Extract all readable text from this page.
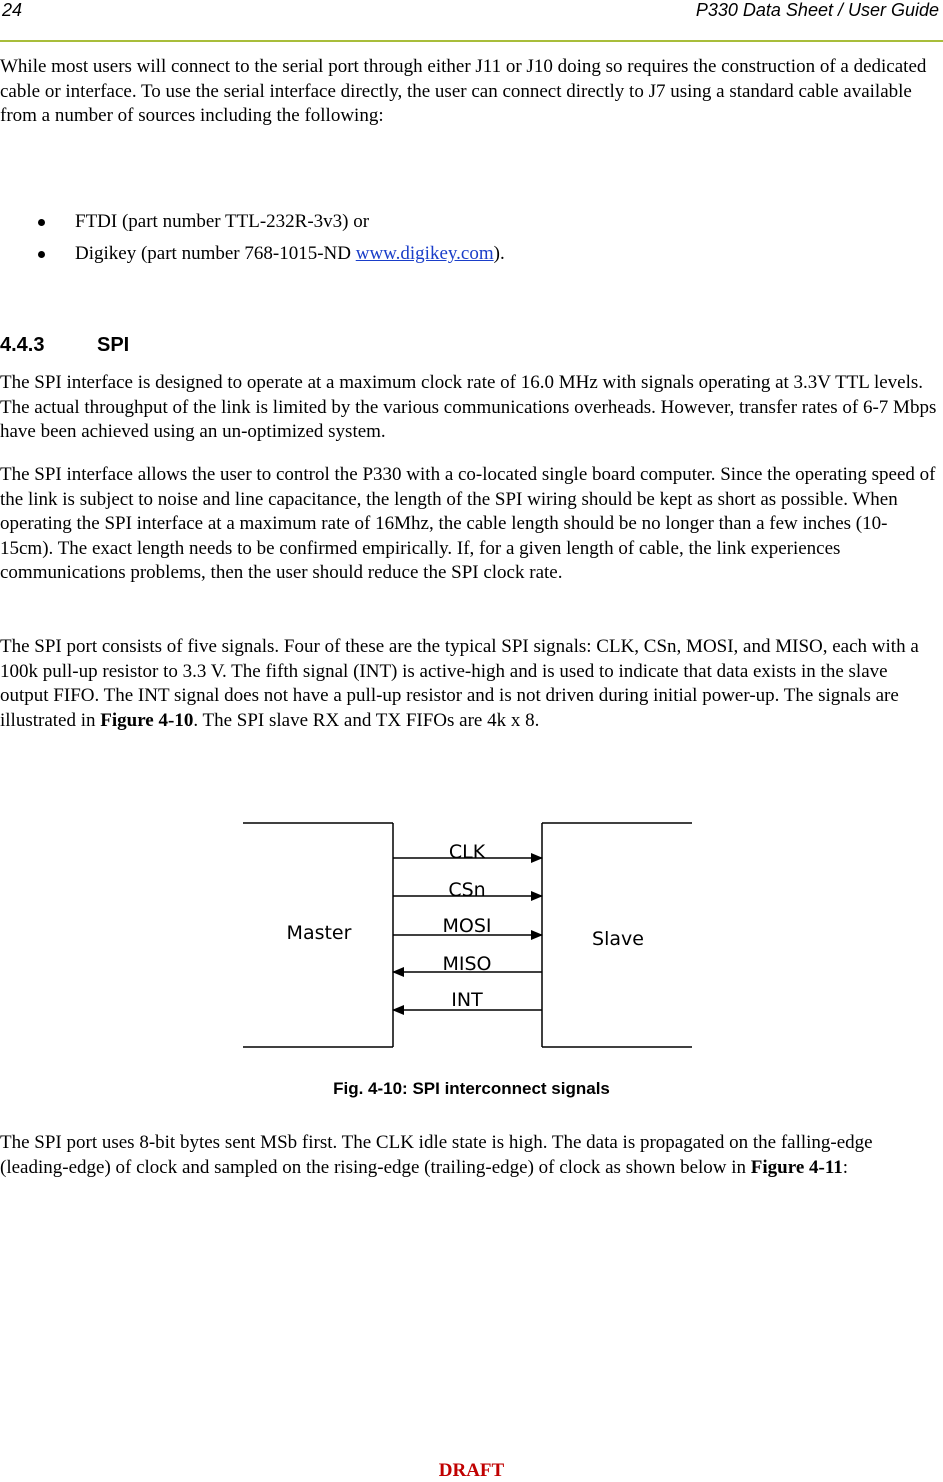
24	P330 Data Sheet / User Guide

While most users will connect to the serial port through either J11 or J10 doing so requires the construction of a dedicated cable or interface. To use the serial interface directly, the user can connect directly to J7 using a standard cable available from a number of sources including the following:

FTDI (part number TTL-232R-3v3) or
Digikey (part number 768-1015-ND www.digikey.com).
4.4.3	SPI

The SPI interface is designed to operate at a maximum clock rate of 16.0 MHz with signals operating at 3.3V TTL levels. The actual throughput of the link is limited by the various communications overheads. However, transfer rates of 6-7 Mbps have been achieved using an un-optimized system.

The SPI interface allows the user to control the P330 with a co-located single board computer. Since the operating speed of the link is subject to noise and line capacitance, the length of the SPI wiring should be kept as short as possible. When operating the SPI interface at a maximum rate of 16Mhz, the cable length should be no longer than a few inches (10-15cm). The exact length needs to be confirmed empirically. If, for a given length of cable, the link experiences communications problems, then the user should reduce the SPI clock rate.

The SPI port consists of five signals. Four of these are the typical SPI signals: CLK, CSn, MOSI, and MISO, each with a 100k pull-up resistor to 3.3 V. The fifth signal (INT) is active-high and is used to indicate that data exists in the slave output FIFO. The INT signal does not have a pull-up resistor and is not driven during initial power-up. The signals are illustrated in Figure 4-10. The SPI slave RX and TX FIFOs are 4k x 8.

Master	Slave
CLK
CSn
MOSI
MISO
INT
Fig. 4-10: SPI interconnect signals

The SPI port uses 8-bit bytes sent MSb first. The CLK idle state is high. The data is propagated on the falling-edge (leading-edge) of clock and sampled on the rising-edge (trailing-edge) of clock as shown below in Figure 4-11:

DRAFT
